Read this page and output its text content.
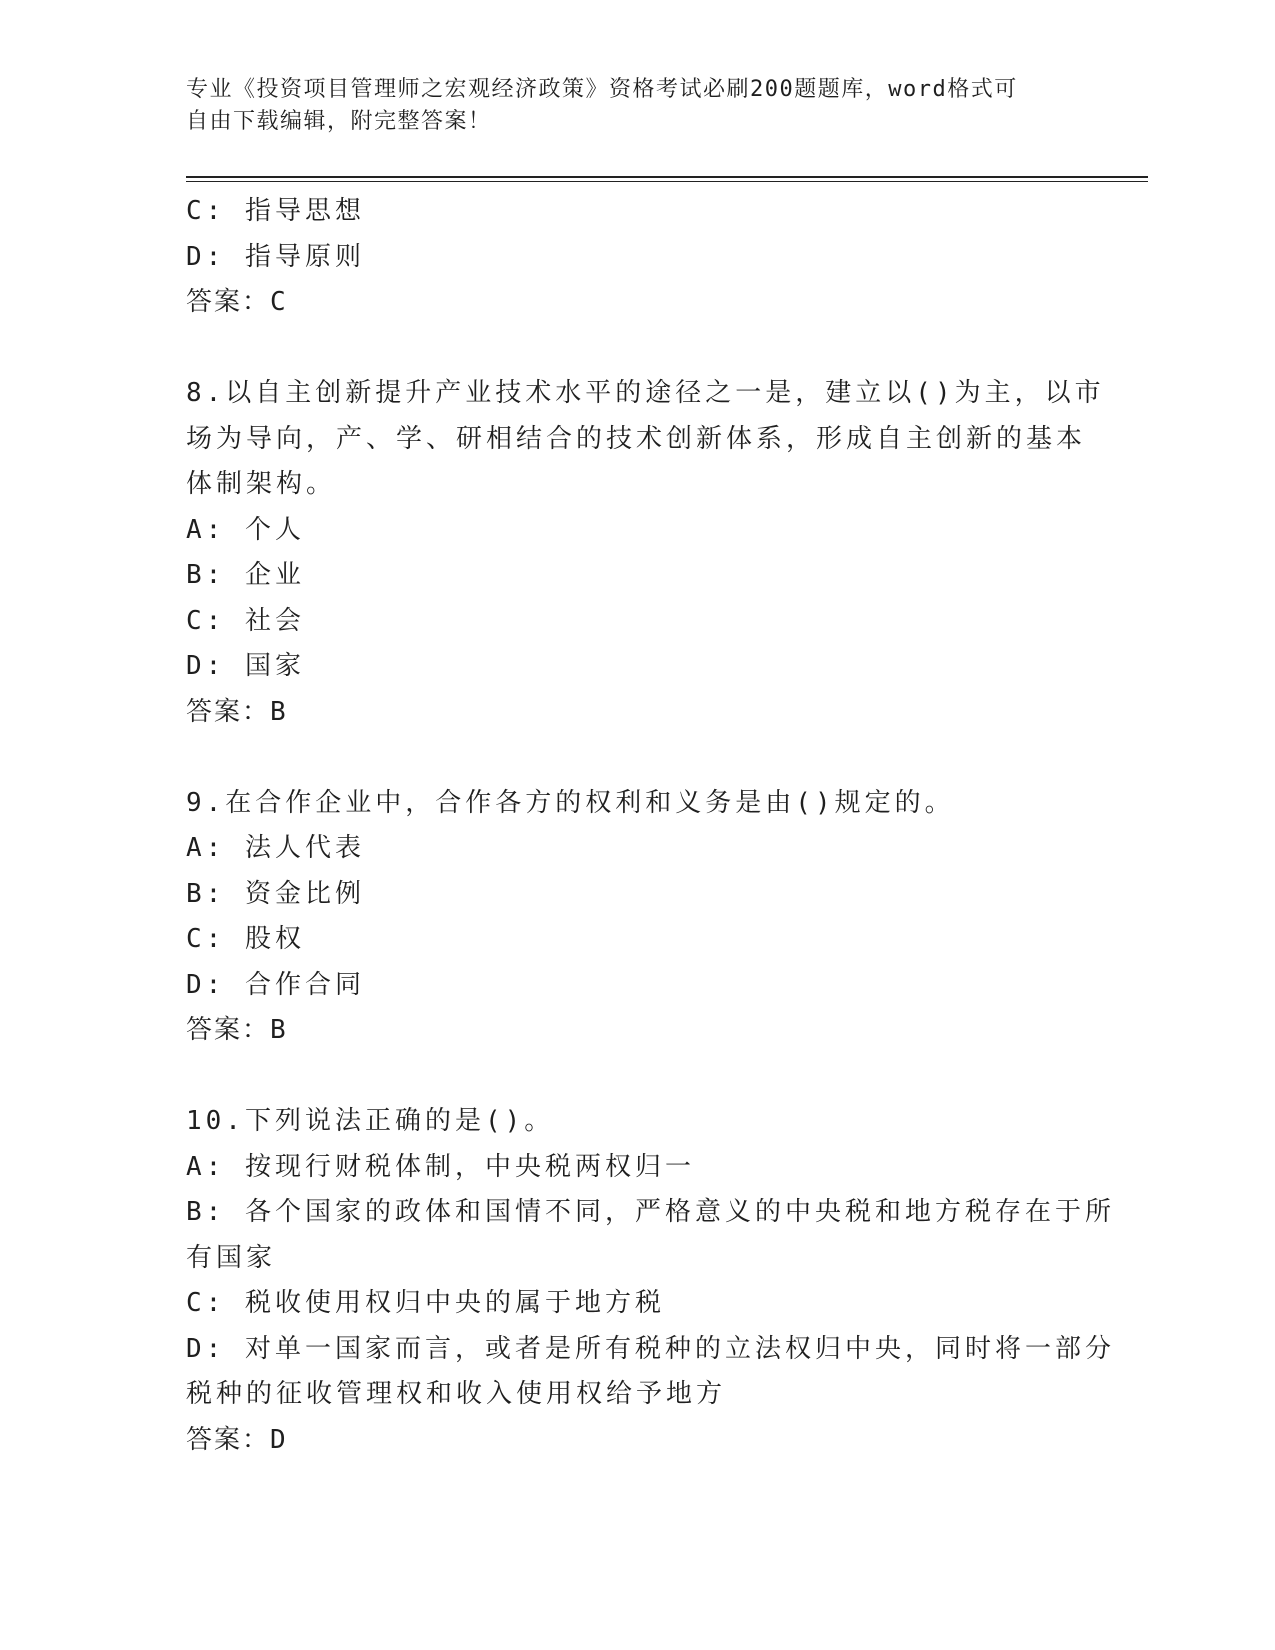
专业《投资项目管理师之宏观经济政策》资格考试必刷200题题库，word格式可
自由下载编辑，附完整答案！

C: 指导思想

D: 指导原则

答案：C

8.以自主创新提升产业技术水平的途径之一是，建立以()为主，以市

场为导向，产、学、研相结合的技术创新体系，形成自主创新的基本

体制架构。

A: 个人

B: 企业

C: 社会

D: 国家

答案：B

9.在合作企业中，合作各方的权利和义务是由()规定的。

A: 法人代表

B: 资金比例

C: 股权

D: 合作合同

答案：B

10.下列说法正确的是()。

A: 按现行财税体制，中央税两权归一

B: 各个国家的政体和国情不同，严格意义的中央税和地方税存在于所

有国家

C: 税收使用权归中央的属于地方税

D: 对单一国家而言，或者是所有税种的立法权归中央，同时将一部分

税种的征收管理权和收入使用权给予地方

答案：D
